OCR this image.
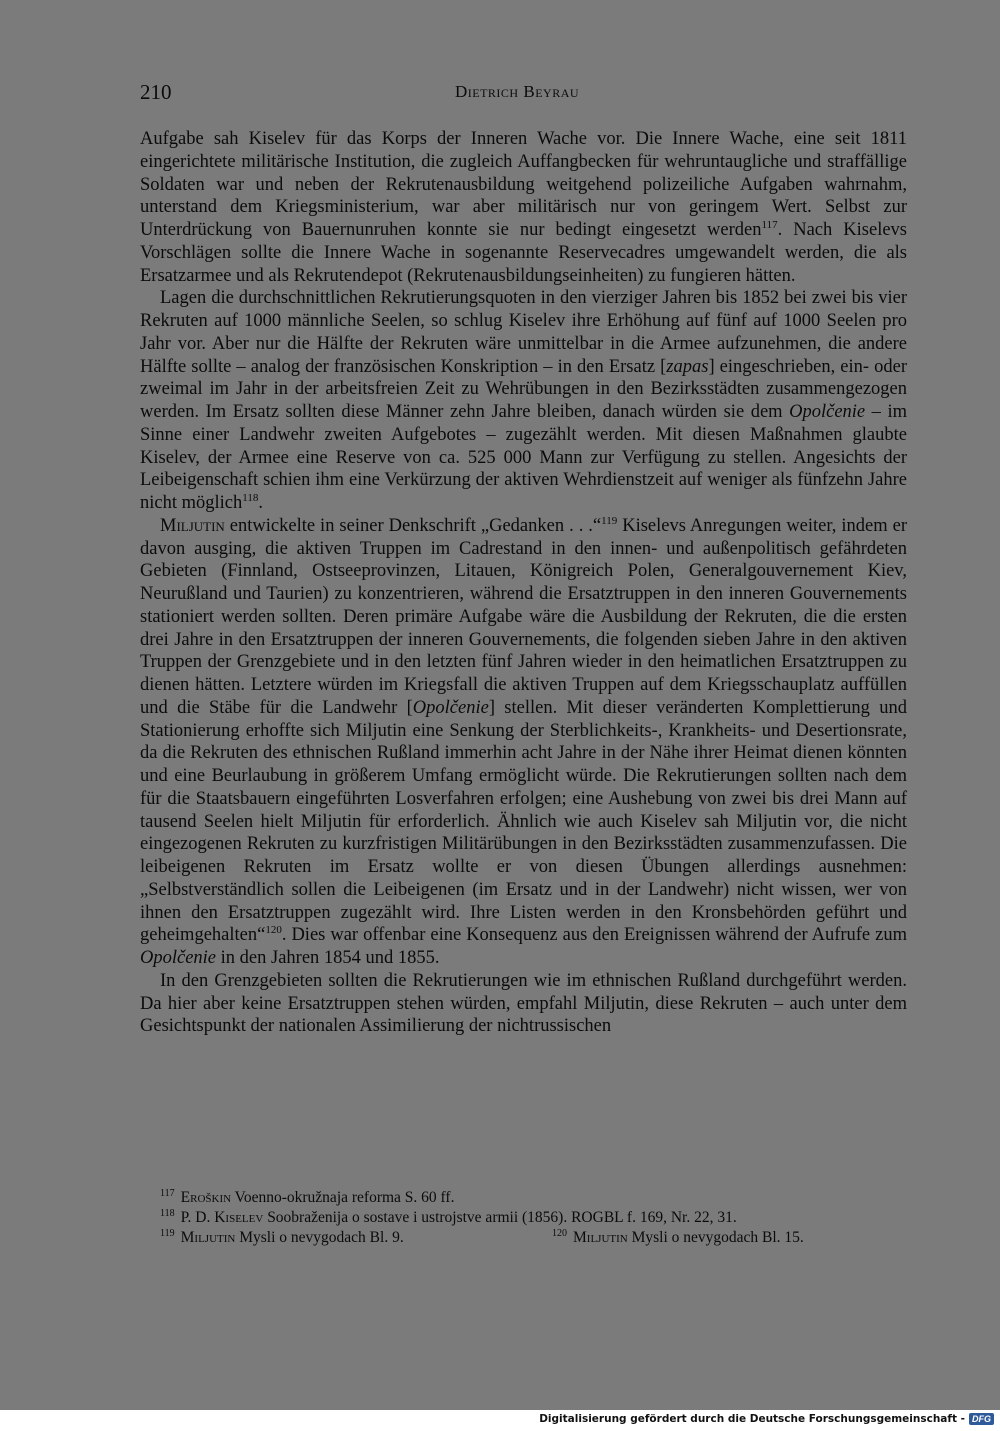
210	Dietrich Beyrau

Aufgabe sah Kiselev für das Korps der Inneren Wache vor. Die Innere Wache, eine seit 1811 eingerichtete militärische Institution, die zugleich Auffangbecken für wehruntaugliche und straffällige Soldaten war und neben der Rekrutenausbildung weitgehend polizeiliche Aufgaben wahrnahm, unterstand dem Kriegsministerium, war aber militärisch nur von geringem Wert. Selbst zur Unterdrückung von Bauernunruhen konnte sie nur bedingt eingesetzt werden$^{117}$. Nach Kiselevs Vorschlägen sollte die Innere Wache in sogenannte Reservecadres umgewandelt werden, die als Ersatzarmee und als Rekrutendepot (Rekrutenausbildungseinheiten) zu fungieren hätten.

Lagen die durchschnittlichen Rekrutierungsquoten in den vierziger Jahren bis 1852 bei zwei bis vier Rekruten auf 1000 männliche Seelen, so schlug Kiselev ihre Erhöhung auf fünf auf 1000 Seelen pro Jahr vor. Aber nur die Hälfte der Rekruten wäre unmittelbar in die Armee aufzunehmen, die andere Hälfte sollte – analog der französischen Konskription – in den Ersatz [zapas] eingeschrieben, ein- oder zweimal im Jahr in der arbeitsfreien Zeit zu Wehrübungen in den Bezirksstädten zusammengezogen werden. Im Ersatz sollten diese Männer zehn Jahre bleiben, danach würden sie dem Opolčenie – im Sinne einer Landwehr zweiten Aufgebotes – zugezählt werden. Mit diesen Maßnahmen glaubte Kiselev, der Armee eine Reserve von ca. 525 000 Mann zur Verfügung zu stellen. Angesichts der Leibeigenschaft schien ihm eine Verkürzung der aktiven Wehrdienstzeit auf weniger als fünfzehn Jahre nicht möglich$^{118}$.

Miljutin entwickelte in seiner Denkschrift „Gedanken . . .“$^{119}$ Kiselevs Anregungen weiter, indem er davon ausging, die aktiven Truppen im Cadrestand in den innen- und außenpolitisch gefährdeten Gebieten (Finnland, Ostseeprovinzen, Litauen, Königreich Polen, Generalgouvernement Kiev, Neurußland und Taurien) zu konzentrieren, während die Ersatztruppen in den inneren Gouvernements stationiert werden sollten. Deren primäre Aufgabe wäre die Ausbildung der Rekruten, die die ersten drei Jahre in den Ersatztruppen der inneren Gouvernements, die folgenden sieben Jahre in den aktiven Truppen der Grenzgebiete und in den letzten fünf Jahren wieder in den heimatlichen Ersatztruppen zu dienen hätten. Letztere würden im Kriegsfall die aktiven Truppen auf dem Kriegsschauplatz auffüllen und die Stäbe für die Landwehr [Opolčenie] stellen. Mit dieser veränderten Komplettierung und Stationierung erhoffte sich Miljutin eine Senkung der Sterblichkeits-, Krankheits- und Desertionsrate, da die Rekruten des ethnischen Rußland immerhin acht Jahre in der Nähe ihrer Heimat dienen könnten und eine Beurlaubung in größerem Umfang ermöglicht würde. Die Rekrutierungen sollten nach dem für die Staatsbauern eingeführten Losverfahren erfolgen; eine Aushebung von zwei bis drei Mann auf tausend Seelen hielt Miljutin für erforderlich. Ähnlich wie auch Kiselev sah Miljutin vor, die nicht eingezogenen Rekruten zu kurzfristigen Militärübungen in den Bezirksstädten zusammenzufassen. Die leibeigenen Rekruten im Ersatz wollte er von diesen Übungen allerdings ausnehmen: „Selbstverständlich sollen die Leibeigenen (im Ersatz und in der Landwehr) nicht wissen, wer von ihnen den Ersatztruppen zugezählt wird. Ihre Listen werden in den Kronsbehörden geführt und geheimgehalten“$^{120}$. Dies war offenbar eine Konsequenz aus den Ereignissen während der Aufrufe zum Opolčenie in den Jahren 1854 und 1855.

In den Grenzgebieten sollten die Rekrutierungen wie im ethnischen Rußland durchgeführt werden. Da hier aber keine Ersatztruppen stehen würden, empfahl Miljutin, diese Rekruten – auch unter dem Gesichtspunkt der nationalen Assimilierung der nichtrussischen

$^{117}$ Eroškin Voenno-okružnaja reforma S. 60 ff.
$^{118}$ P. D. Kiselev Soobraženija o sostave i ustrojstve armii (1856). ROGBL f. 169, Nr. 22, 31.
$^{119}$ Miljutin Mysli o nevygodach Bl. 9.	$^{120}$ Miljutin Mysli o nevygodach Bl. 15.
Digitalisierung gefördert durch die Deutsche Forschungsgemeinschaft - DFG
